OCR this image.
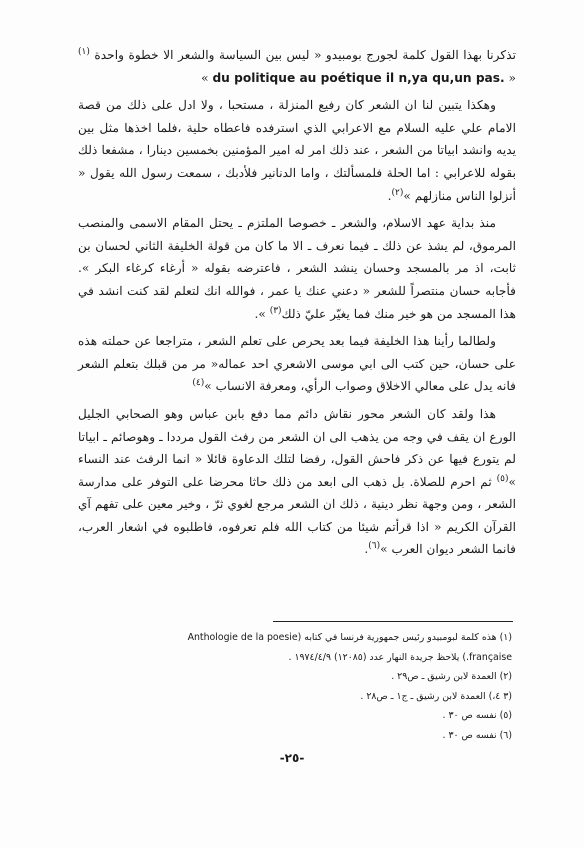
تذكرنا بهذا القول كلمة لجورج بومبيدو « ليس بين السياسة والشعر الا خطوة واحدة $^{(١)}$ « du politique au poétique il n,ya qu,un pas. »

وهكذا يتبين لنا ان الشعر كان رفيع المنزلة ، مستحبا ، ولا ادل على ذلك من قصة الامام علي عليه السلام مع الاعرابي الذي استرفده فاعطاه حلية ،فلما اخذها مثل بين يديه وانشد ابياتا من الشعر ، عند ذلك امر له امير المؤمنين بخمسين دينارا ، مشفعا ذلك بقوله للاعرابي : اما الحلة فلمسألتك ، واما الدنانير فلأدبك ، سمعت رسول الله يقول « أنزلوا الناس منازلهم »$^{(٢)}$.

منذ بداية عهد الاسلام، والشعر ـ خصوصا الملتزم ـ يحتل المقام الاسمى والمنصب المرموق، لم يشذ عن ذلك ـ فيما نعرف ـ الا ما كان من قولة الخليفة الثاني لحسان بن ثابت، اذ مر بالمسجد وحسان ينشد الشعر ، فاعترضه بقوله « أرغاء كرغاء البكر ». فأجابه حسان منتصراً للشعر « دعني عنك يا عمر ، فوالله انك لتعلم لقد كنت انشد في هذا المسجد من هو خير منك فما يغيّر عليّ ذلك$^{(٣)}$ ».

ولطالما رأينا هذا الخليفة فيما بعد يحرص على تعلم الشعر ، متراجعا عن حملته هذه على حسان، حين كتب الى ابي موسى الاشعري احد عماله« مر من قبلك بتعلم الشعر فانه يدل على معالي الاخلاق وصواب الرأي، ومعرفة الانساب »$^{(٤)}$

هذا ولقد كان الشعر محور نقاش دائم مما دفع بابن عباس وهو الصحابي الجليل الورع ان يقف في وجه من يذهب الى ان الشعر من رفث القول مرددا ـ وهوصائم ـ ابياتا لم يتورع فيها عن ذكر فاحش القول، رفضا لتلك الدعاوة قائلا « انما الرفث عند النساء »$^{(٥)}$ ثم احرم للصلاة. بل ذهب الى ابعد من ذلك حاثا محرضا على التوفر على مدارسة الشعر ، ومن وجهة نظر دينية ، ذلك ان الشعر مرجع لغوي ثرّ ، وخير معين على تفهم آي القرآن الكريم « اذا قرأتم شيئا من كتاب الله فلم تعرفوه، فاطلبوه في اشعار العرب، فانما الشعر ديوان العرب »$^{(٦)}$.

(١) هذه كلمة لبومبيدو رئيس جمهورية فرنسا في كتابه (Anthologie de la poesie française.) يلاحظ جريدة النهار عدد (١٢٠٨٥) ١٩٧٤/٤/٩ .

(٢) العمدة لابن رشيق ـ ص٢٩ .

(٣ ٤،) العمدة لابن رشيق ـ ج١ ـ ص٢٨ .

(٥) نفسه ص ٣٠ .

(٦) نفسه ص ٣٠ .

-٢٥-
